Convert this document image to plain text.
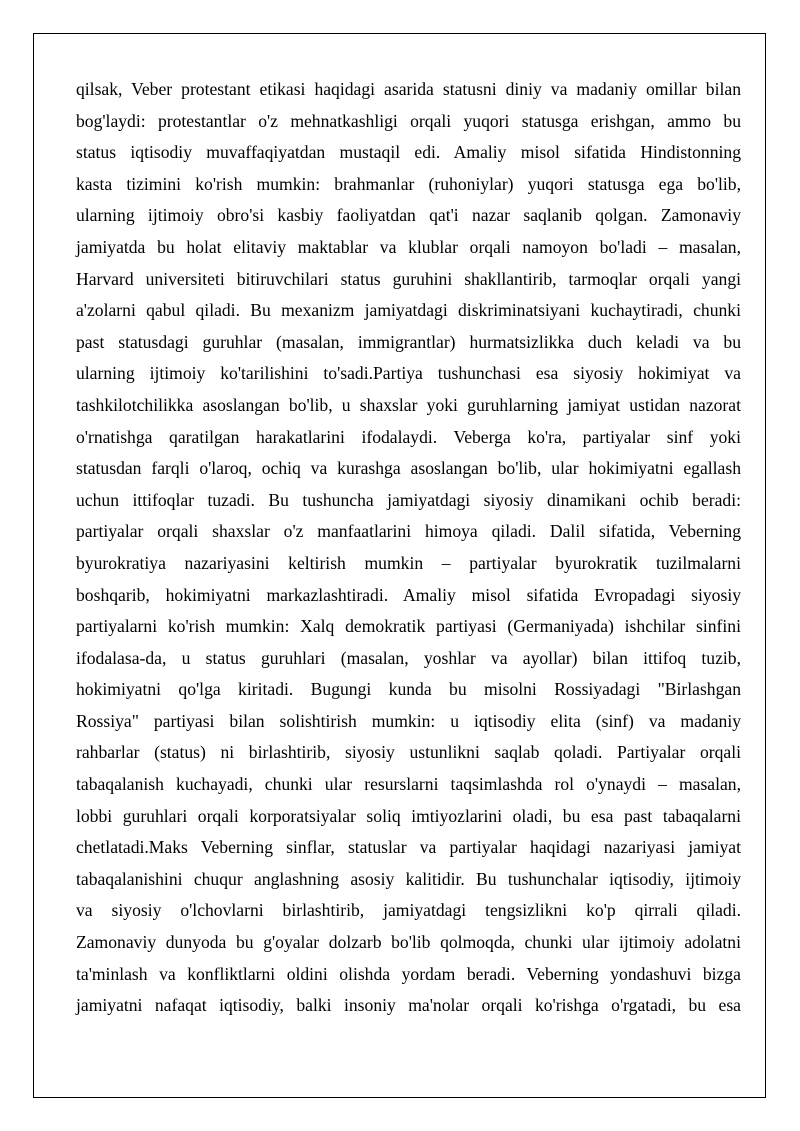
qilsak, Veber protestant etikasi haqidagi asarida statusni diniy va madaniy omillar bilan
bog'laydi: protestantlar o'z mehnatkashligi orqali yuqori statusga erishgan, ammo bu
status iqtisodiy muvaffaqiyatdan mustaqil edi. Amaliy misol sifatida Hindistonning
kasta tizimini ko'rish mumkin: brahmanlar (ruhoniylar) yuqori statusga ega bo'lib,
ularning ijtimoiy obro'si kasbiy faoliyatdan qat'i nazar saqlanib qolgan. Zamonaviy
jamiyatda bu holat elitaviy maktablar va klublar orqali namoyon bo'ladi – masalan,
Harvard universiteti bitiruvchilari status guruhini shakllantirib, tarmoqlar orqali yangi
a'zolarni qabul qiladi. Bu mexanizm jamiyatdagi diskriminatsiyani kuchaytiradi, chunki
past statusdagi guruhlar (masalan, immigrantlar) hurmatsizlikka duch keladi va bu
ularning ijtimoiy ko'tarilishini to'sadi.Partiya tushunchasi esa siyosiy hokimiyat va
tashkilotchilikka asoslangan bo'lib, u shaxslar yoki guruhlarning jamiyat ustidan nazorat
o'rnatishga qaratilgan harakatlarini ifodalaydi. Veberga ko'ra, partiyalar sinf yoki
statusdan farqli o'laroq, ochiq va kurashga asoslangan bo'lib, ular hokimiyatni egallash
uchun ittifoqlar tuzadi. Bu tushuncha jamiyatdagi siyosiy dinamikani ochib beradi:
partiyalar orqali shaxslar o'z manfaatlarini himoya qiladi. Dalil sifatida, Veberning
byurokratiya nazariyasini keltirish mumkin – partiyalar byurokratik tuzilmalarni
boshqarib, hokimiyatni markazlashtiradi. Amaliy misol sifatida Evropadagi siyosiy
partiyalarni ko'rish mumkin: Xalq demokratik partiyasi (Germaniyada) ishchilar sinfini
ifodalasa-da, u status guruhlari (masalan, yoshlar va ayollar) bilan ittifoq tuzib,
hokimiyatni qo'lga kiritadi. Bugungi kunda bu misolni Rossiyadagi "Birlashgan
Rossiya" partiyasi bilan solishtirish mumkin: u iqtisodiy elita (sinf) va madaniy
rahbarlar (status) ni birlashtirib, siyosiy ustunlikni saqlab qoladi. Partiyalar orqali
tabaqalanish kuchayadi, chunki ular resurslarni taqsimlashda rol o'ynaydi – masalan,
lobbi guruhlari orqali korporatsiyalar soliq imtiyozlarini oladi, bu esa past tabaqalarni
chetlatadi.Maks Veberning sinflar, statuslar va partiyalar haqidagi nazariyasi jamiyat
tabaqalanishini chuqur anglashning asosiy kalitidir. Bu tushunchalar iqtisodiy, ijtimoiy
va siyosiy o'lchovlarni birlashtirib, jamiyatdagi tengsizlikni ko'p qirrali qiladi.
Zamonaviy dunyoda bu g'oyalar dolzarb bo'lib qolmoqda, chunki ular ijtimoiy adolatni
ta'minlash va konfliktlarni oldini olishda yordam beradi. Veberning yondashuvi bizga
jamiyatni nafaqat iqtisodiy, balki insoniy ma'nolar orqali ko'rishga o'rgatadi, bu esa
